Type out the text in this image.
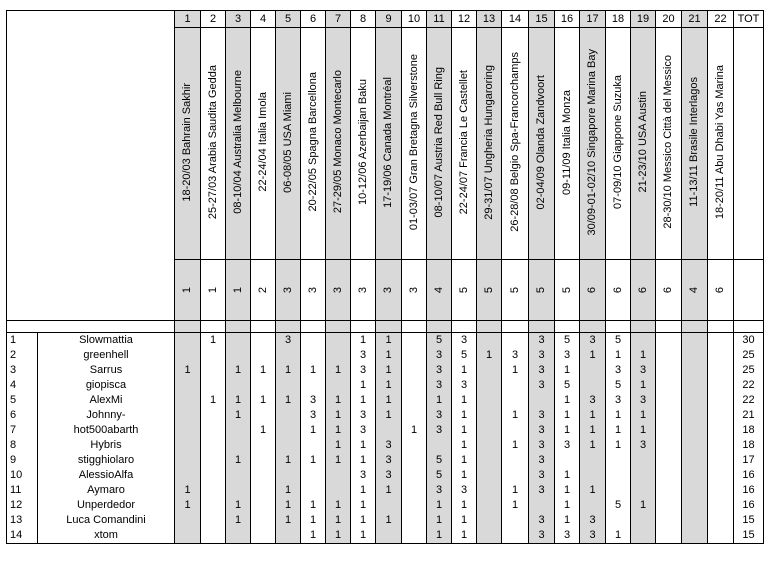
		1	2	3	4	5	6	7	8	9	10	11	12	13	14	15	16	17	18	19	20	21	22	TOT
		18-20/03 Bahrain Sakhir	25-27/03 Arabia Saudita Gedda	08-10/04 Australia Melbourne	22-24/04 Italia Imola	06-08/05 USA Miami	20-22/05 Spagna Barcellona	27-29/05 Monaco Montecarlo	10-12/06 Azerbaijan Baku	17-19/06 Canada Montréal	01-03/07 Gran Bretagna Silverstone	08-10/07 Austria Red Bull Ring	22-24/07 Francia Le Castellet	29-31/07 Ungheria Hungaroring	26-28/08 Belgio Spa-Francorchamps	02-04/09 Olanda Zandvoort	09-11/09 Italia Monza	30/09-01-02/10 Singapore Marina Bay	07-09/10 Giappone Suzuka	21-23/10 USA Austin	28-30/10 Messico Città del Messico	11-13/11 Brasile Interlagos	18-20/11 Abu Dhabi Yas Marina	
		1	1	1	2	3	3	3	3	3	3	4	5	5	5	5	5	6	6	6	6	4	6	

1	Slowmattia		1			3			1	1		5	3			3	5	3	5					30
2	greenhell								3	1		3	5	1	3	3	3	1	1	1				25
3	Sarrus	1		1	1	1	1	1	3	1		3	1		1	3	1		3	3				25
4	giopisca								1	1		3	3			3	5		5	1				22
5	AlexMi		1	1	1	1	3	1	1	1		1	1				1	3	3	3				22
6	Johnny-			1			3	1	3	1		3	1		1	3	1	1	1	1				21
7	hot500abarth				1		1	1	3		1	3	1			3	1	1	1	1				18
8	Hybris							1	1	3			1		1	3	3	1	1	3				18
9	stigghiolaro			1		1	1	1	1	3		5	1			3								17
10	AlessioAlfa								3	3		5	1			3	1							16
11	Aymaro	1				1			1	1		3	3		1	3	1	1						16
12	Unperdedor	1		1		1	1	1	1			1	1		1		1		5	1				16
13	Luca Comandini			1		1	1	1	1	1		1	1			3	1	3						15
14	xtom						1	1	1			1	1			3	3	3	1					15
